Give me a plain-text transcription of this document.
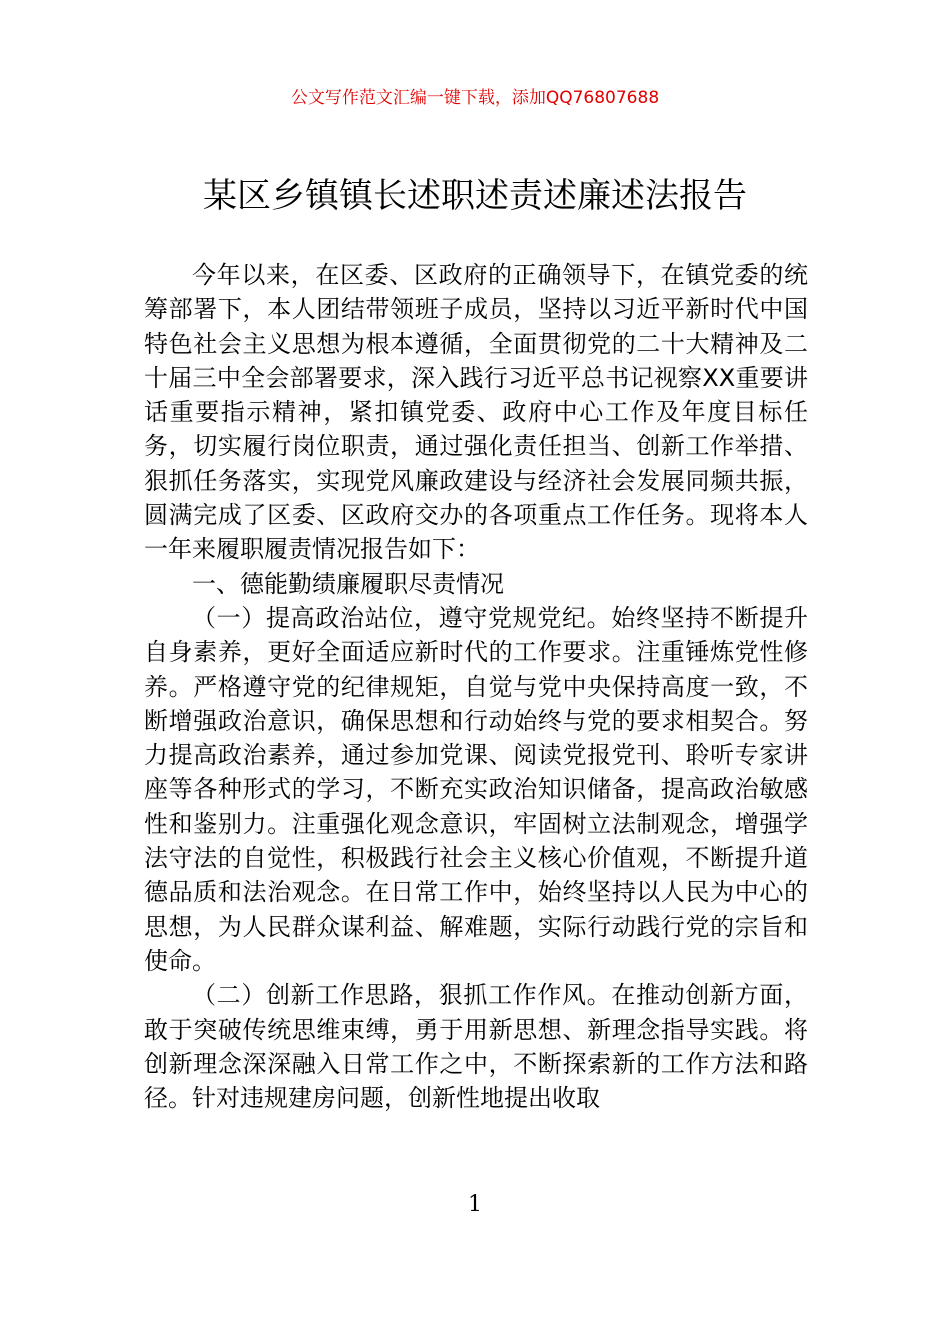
公文写作范文汇编一键下载，添加QQ76807688
某区乡镇镇长述职述责述廉述法报告

今年以来，在区委、区政府的正确领导下，在镇党委的统筹部署下，本人团结带领班子成员，坚持以习近平新时代中国特色社会主义思想为根本遵循，全面贯彻党的二十大精神及二十届三中全会部署要求，深入践行习近平总书记视察XX重要讲话重要指示精神，紧扣镇党委、政府中心工作及年度目标任务，切实履行岗位职责，通过强化责任担当、创新工作举措、狠抓任务落实，实现党风廉政建设与经济社会发展同频共振，圆满完成了区委、区政府交办的各项重点工作任务。现将本人一年来履职履责情况报告如下：

一、德能勤绩廉履职尽责情况

（一）提高政治站位，遵守党规党纪。始终坚持不断提升自身素养，更好全面适应新时代的工作要求。注重锤炼党性修养。严格遵守党的纪律规矩，自觉与党中央保持高度一致，不断增强政治意识，确保思想和行动始终与党的要求相契合。努力提高政治素养，通过参加党课、阅读党报党刊、聆听专家讲座等各种形式的学习，不断充实政治知识储备，提高政治敏感性和鉴别力。注重强化观念意识，牢固树立法制观念，增强学法守法的自觉性，积极践行社会主义核心价值观，不断提升道德品质和法治观念。在日常工作中，始终坚持以人民为中心的思想，为人民群众谋利益、解难题，实际行动践行党的宗旨和使命。

（二）创新工作思路，狠抓工作作风。在推动创新方面，敢于突破传统思维束缚，勇于用新思想、新理念指导实践。将创新理念深深融入日常工作之中，不断探索新的工作方法和路径。针对违规建房问题，创新性地提出收取

1
